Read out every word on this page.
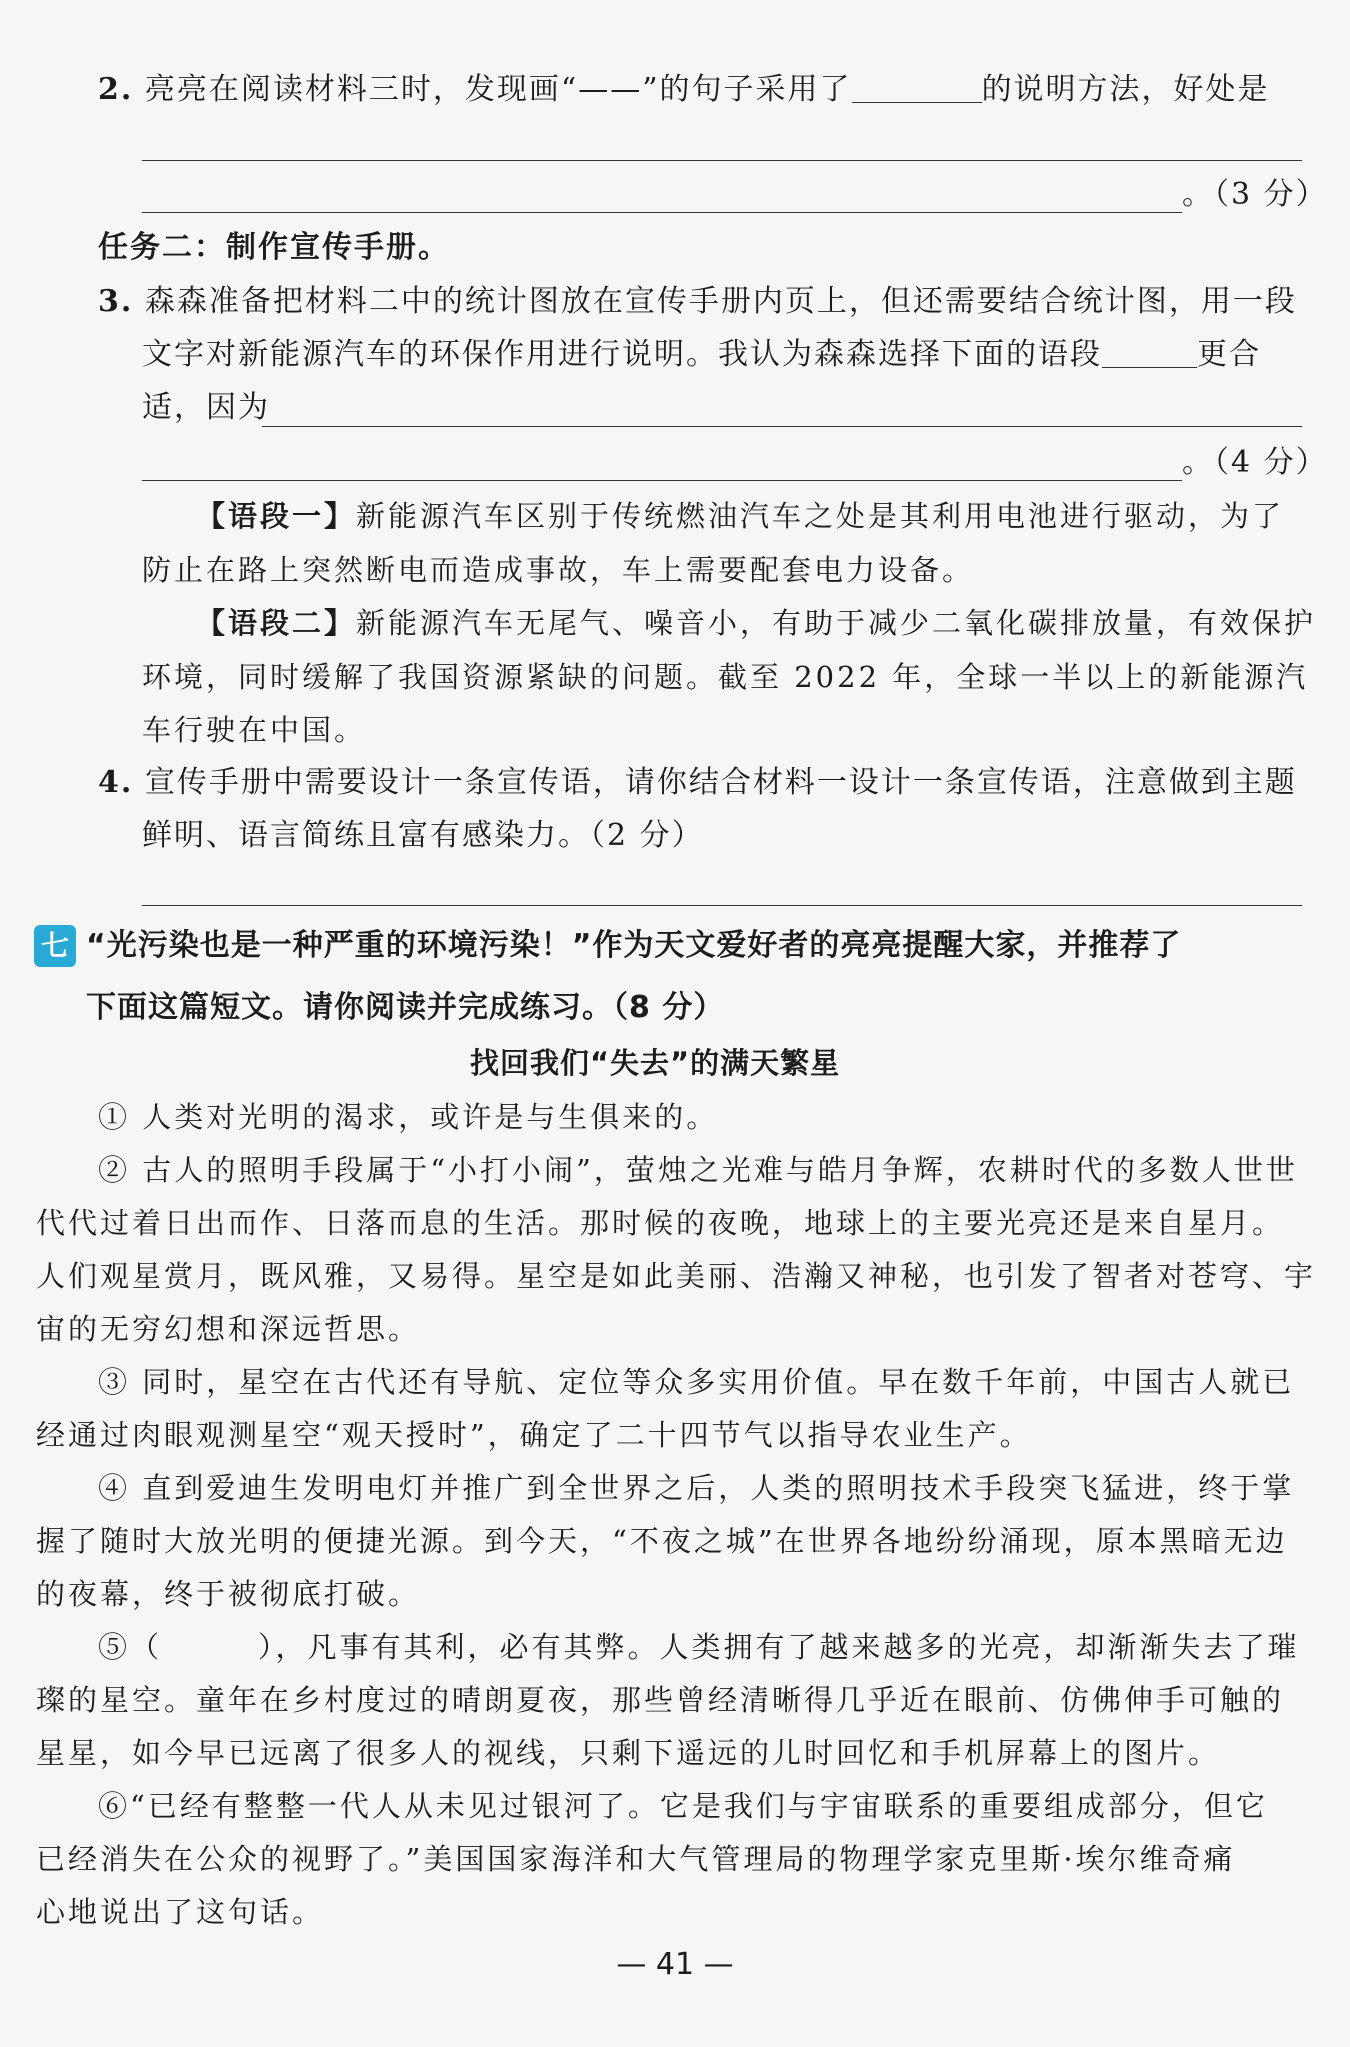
2. 亮亮在阅读材料三时，发现画“——”的句子采用了	的说明方法，好处是
。（3 分）
任务二：制作宣传手册。
3. 森森准备把材料二中的统计图放在宣传手册内页上，但还需要结合统计图，用一段
文字对新能源汽车的环保作用进行说明。我认为森森选择下面的语段	更合
适，因为
。（4 分）
【语段一】新能源汽车区别于传统燃油汽车之处是其利用电池进行驱动，为了
防止在路上突然断电而造成事故，车上需要配套电力设备。
【语段二】新能源汽车无尾气、噪音小，有助于减少二氧化碳排放量，有效保护
环境，同时缓解了我国资源紧缺的问题。截至 2022 年，全球一半以上的新能源汽
车行驶在中国。
4. 宣传手册中需要设计一条宣传语，请你结合材料一设计一条宣传语，注意做到主题
鲜明、语言简练且富有感染力。（2 分）
七 “光污染也是一种严重的环境污染！”作为天文爱好者的亮亮提醒大家，并推荐了
下面这篇短文。请你阅读并完成练习。（8 分）
找回我们“失去”的满天繁星
① 人类对光明的渴求，或许是与生俱来的。
② 古人的照明手段属于“小打小闹”，萤烛之光难与皓月争辉，农耕时代的多数人世世
代代过着日出而作、日落而息的生活。那时候的夜晚，地球上的主要光亮还是来自星月。
人们观星赏月，既风雅，又易得。星空是如此美丽、浩瀚又神秘，也引发了智者对苍穹、宇
宙的无穷幻想和深远哲思。
③ 同时，星空在古代还有导航、定位等众多实用价值。早在数千年前，中国古人就已
经通过肉眼观测星空“观天授时”，确定了二十四节气以指导农业生产。
④ 直到爱迪生发明电灯并推广到全世界之后，人类的照明技术手段突飞猛进，终于掌
握了随时大放光明的便捷光源。到今天，“不夜之城”在世界各地纷纷涌现，原本黑暗无边
的夜幕，终于被彻底打破。
⑤（　　　），凡事有其利，必有其弊。人类拥有了越来越多的光亮，却渐渐失去了璀
璨的星空。童年在乡村度过的晴朗夏夜，那些曾经清晰得几乎近在眼前、仿佛伸手可触的
星星，如今早已远离了很多人的视线，只剩下遥远的儿时回忆和手机屏幕上的图片。
⑥“已经有整整一代人从未见过银河了。它是我们与宇宙联系的重要组成部分，但它
已经消失在公众的视野了。”美国国家海洋和大气管理局的物理学家克里斯·埃尔维奇痛
心地说出了这句话。
— 41 —
